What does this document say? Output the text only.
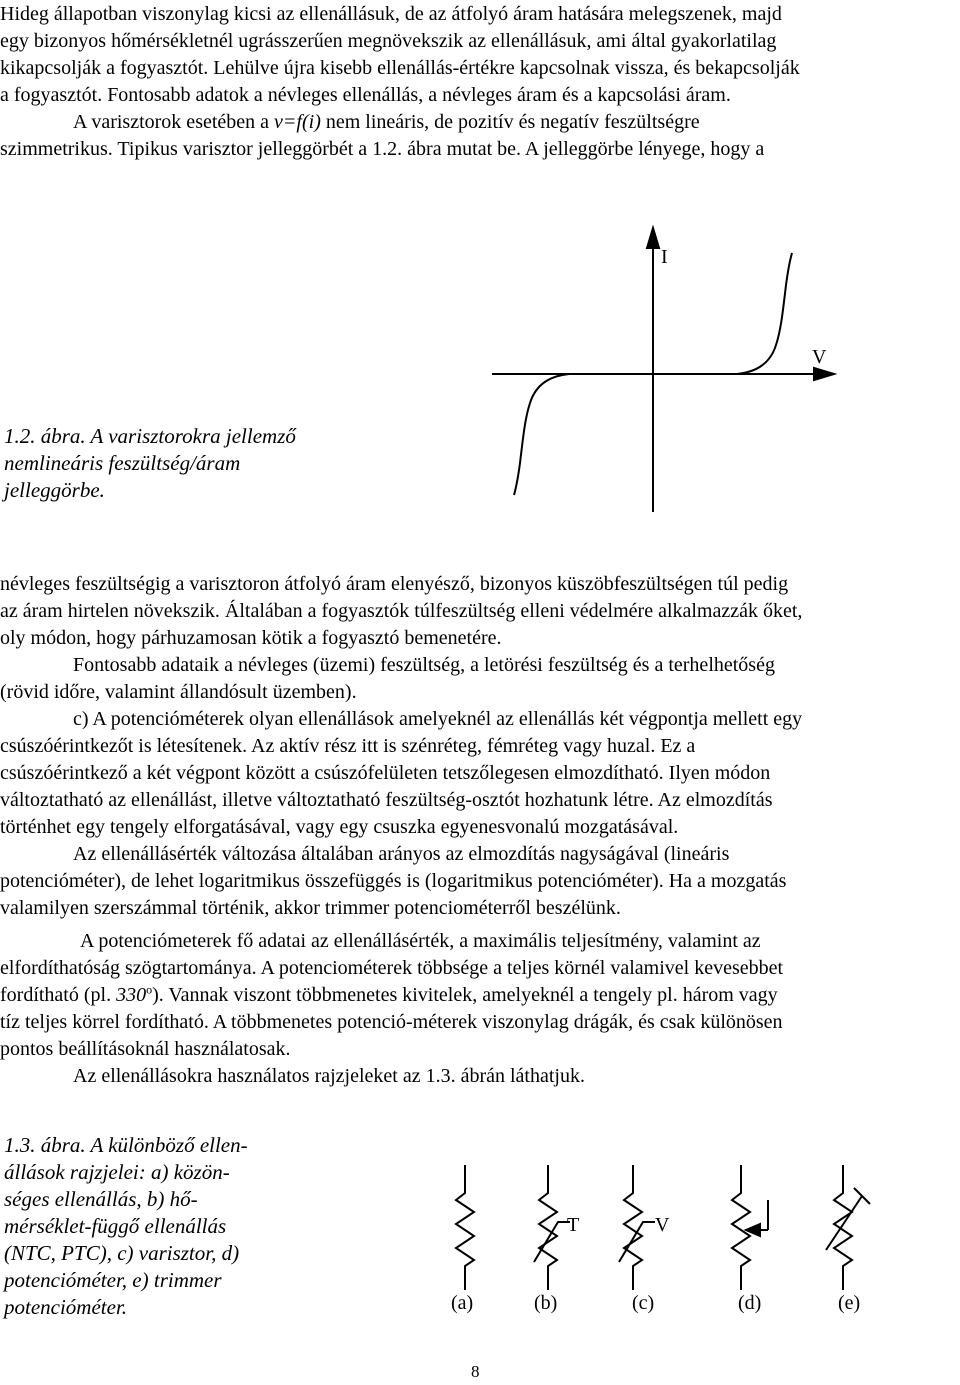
Hideg állapotban viszonylag kicsi az ellenállásuk, de az átfolyó áram hatására melegszenek, majd
egy bizonyos hőmérsékletnél ugrásszerűen megnövekszik az ellenállásuk, ami által gyakorlatilag
kikapcsolják a fogyasztót. Lehülve újra kisebb ellenállás-értékre kapcsolnak vissza, és bekapcsolják
a fogyasztót. Fontosabb adatok a névleges ellenállás, a névleges áram és a kapcsolási áram.
A varisztorok esetében a v=f(i) nem lineáris, de pozitív és negatív feszültségre
szimmetrikus. Tipikus varisztor jelleggörbét a 1.2. ábra mutat be. A jelleggörbe lényege, hogy a
I
V
1.2. ábra. A varisztorokra jellemző
nemlineáris feszültség/áram
jelleggörbe.
névleges feszültségig a varisztoron átfolyó áram elenyésző, bizonyos küszöbfeszültségen túl pedig
az áram hirtelen növekszik. Általában a fogyasztók túlfeszültség elleni védelmére alkalmazzák őket,
oly módon, hogy párhuzamosan kötik a fogyasztó bemenetére.
Fontosabb adataik a névleges (üzemi) feszültség, a letörési feszültség és a terhelhetőség
(rövid időre, valamint állandósult üzemben).
c) A potencióméterek olyan ellenállások amelyeknél az ellenállás két végpontja mellett egy
csúszóérintkezőt is létesítenek. Az aktív rész itt is szénréteg, fémréteg vagy huzal. Ez a
csúszóérintkező a két végpont között a csúszófelületen tetszőlegesen elmozdítható. Ilyen módon
változtatható az ellenállást, illetve változtatható feszültség-osztót hozhatunk létre. Az elmozdítás
történhet egy tengely elforgatásával, vagy egy csuszka egyenesvonalú mozgatásával.
Az ellenállásérték változása általában arányos az elmozdítás nagyságával (lineáris
potencióméter), de lehet logaritmikus összefüggés is (logaritmikus potencióméter). Ha a mozgatás
valamilyen szerszámmal történik, akkor trimmer potenciométerről beszélünk.
A potenciómeterek fő adatai az ellenállásérték, a maximális teljesítmény, valamint az
elfordíthatóság szögtartománya. A potenciométerek többsége a teljes körnél valamivel kevesebbet
fordítható (pl. 330$^o$). Vannak viszont többmenetes kivitelek, amelyeknél a tengely pl. három vagy
tíz teljes körrel fordítható. A többmenetes potenció-méterek viszonylag drágák, és csak különösen
pontos beállításoknál használatosak.
Az ellenállásokra használatos rajzjeleket az 1.3. ábrán láthatjuk.
1.3. ábra. A különböző ellen-
állások rajzjelei: a) közön-
séges ellenállás, b) hő-
mérséklet-függő ellenállás
(NTC, PTC), c) varisztor, d)
potencióméter, e) trimmer
potencióméter.
T	V
(a)	(b)	(c)	(d)	(e)
8
